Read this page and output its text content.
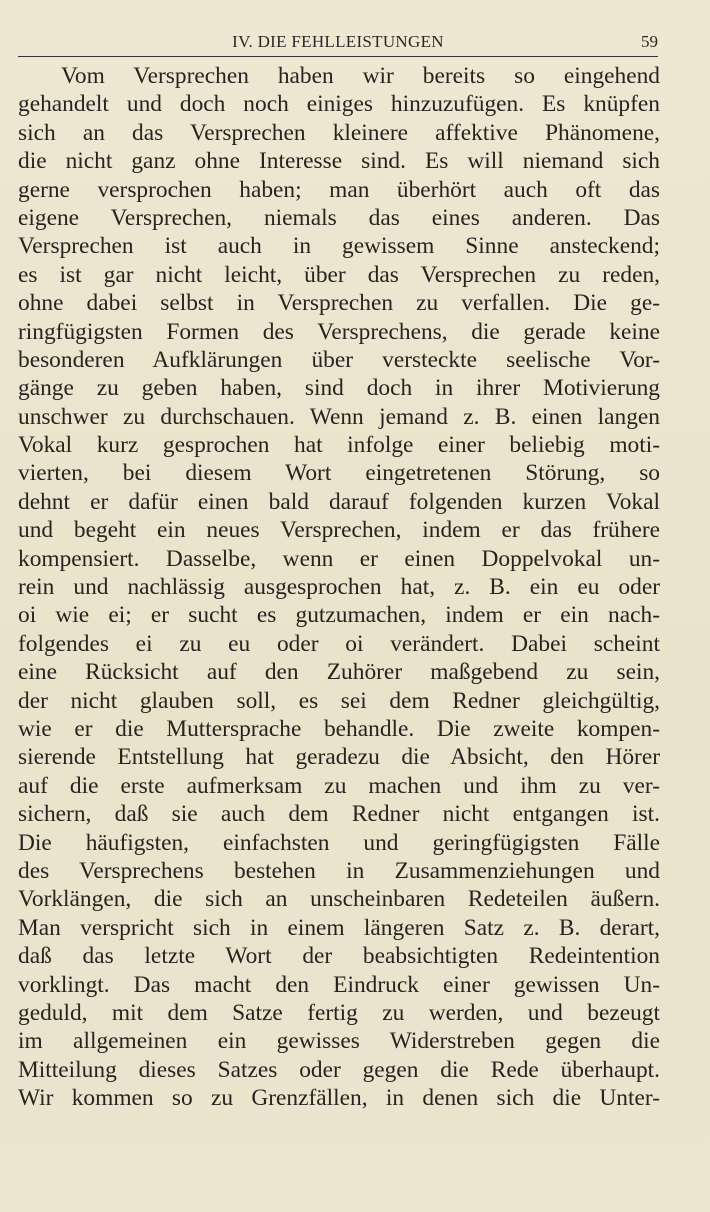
IV. DIE FEHLLEISTUNGEN	59
Vom Versprechen haben wir bereits so eingehend
gehandelt und doch noch einiges hinzuzufügen. Es knüpfen
sich an das Versprechen kleinere affektive Phänomene,
die nicht ganz ohne Interesse sind. Es will niemand sich
gerne versprochen haben; man überhört auch oft das
eigene Versprechen, niemals das eines anderen. Das
Versprechen ist auch in gewissem Sinne ansteckend;
es ist gar nicht leicht, über das Versprechen zu reden,
ohne dabei selbst in Versprechen zu verfallen. Die ge-
ringfügigsten Formen des Versprechens, die gerade keine
besonderen Aufklärungen über versteckte seelische Vor-
gänge zu geben haben, sind doch in ihrer Motivierung
unschwer zu durchschauen. Wenn jemand z. B. einen langen
Vokal kurz gesprochen hat infolge einer beliebig moti-
vierten, bei diesem Wort eingetretenen Störung, so
dehnt er dafür einen bald darauf folgenden kurzen Vokal
und begeht ein neues Versprechen, indem er das frühere
kompensiert. Dasselbe, wenn er einen Doppelvokal un-
rein und nachlässig ausgesprochen hat, z. B. ein eu oder
oi wie ei; er sucht es gutzumachen, indem er ein nach-
folgendes ei zu eu oder oi verändert. Dabei scheint
eine Rücksicht auf den Zuhörer maßgebend zu sein,
der nicht glauben soll, es sei dem Redner gleichgültig,
wie er die Muttersprache behandle. Die zweite kompen-
sierende Entstellung hat geradezu die Absicht, den Hörer
auf die erste aufmerksam zu machen und ihm zu ver-
sichern, daß sie auch dem Redner nicht entgangen ist.
Die häufigsten, einfachsten und geringfügigsten Fälle
des Versprechens bestehen in Zusammenziehungen und
Vorklängen, die sich an unscheinbaren Redeteilen äußern.
Man verspricht sich in einem längeren Satz z. B. derart,
daß das letzte Wort der beabsichtigten Redeintention
vorklingt. Das macht den Eindruck einer gewissen Un-
geduld, mit dem Satze fertig zu werden, und bezeugt
im allgemeinen ein gewisses Widerstreben gegen die
Mitteilung dieses Satzes oder gegen die Rede überhaupt.
Wir kommen so zu Grenzfällen, in denen sich die Unter-
